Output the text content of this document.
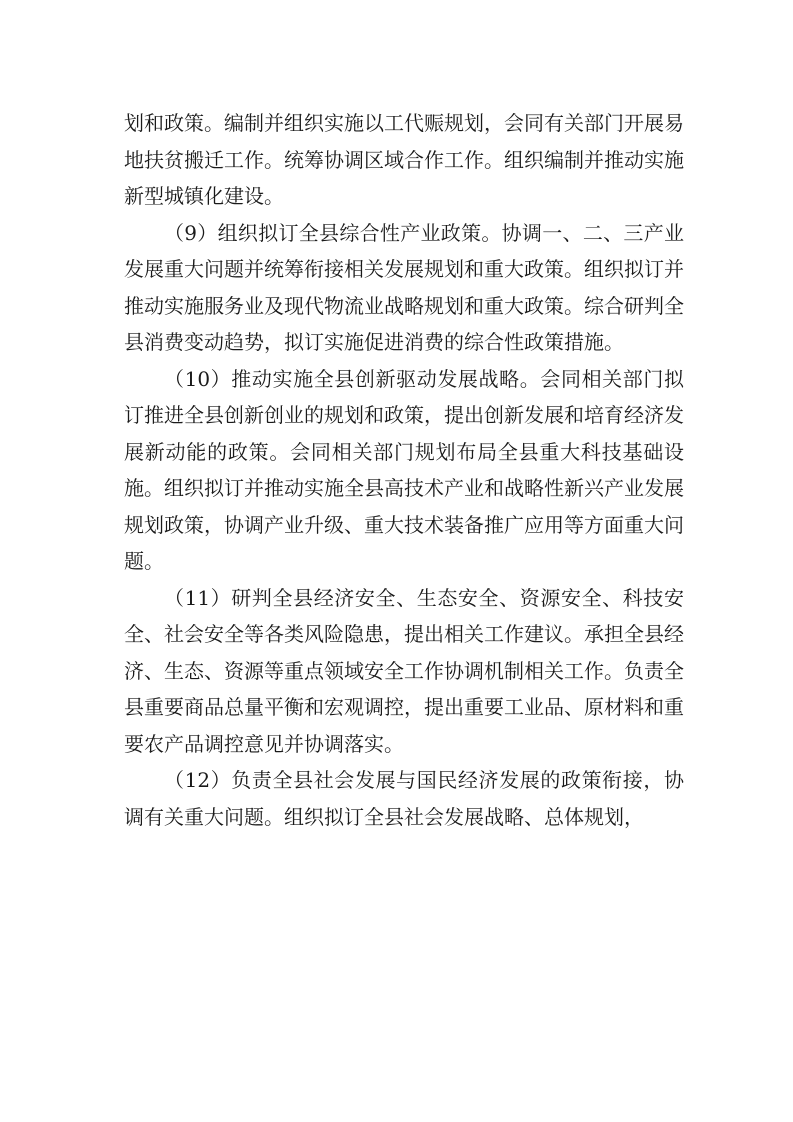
划和政策。编制并组织实施以工代赈规划，会同有关部门开展易地扶贫搬迁工作。统筹协调区域合作工作。组织编制并推动实施新型城镇化建设。

（9）组织拟订全县综合性产业政策。协调一、二、三产业发展重大问题并统筹衔接相关发展规划和重大政策。组织拟订并推动实施服务业及现代物流业战略规划和重大政策。综合研判全县消费变动趋势，拟订实施促进消费的综合性政策措施。

（10）推动实施全县创新驱动发展战略。会同相关部门拟订推进全县创新创业的规划和政策，提出创新发展和培育经济发展新动能的政策。会同相关部门规划布局全县重大科技基础设施。组织拟订并推动实施全县高技术产业和战略性新兴产业发展规划政策，协调产业升级、重大技术装备推广应用等方面重大问题。

（11）研判全县经济安全、生态安全、资源安全、科技安全、社会安全等各类风险隐患，提出相关工作建议。承担全县经济、生态、资源等重点领域安全工作协调机制相关工作。负责全县重要商品总量平衡和宏观调控，提出重要工业品、原材料和重要农产品调控意见并协调落实。

（12）负责全县社会发展与国民经济发展的政策衔接，协调有关重大问题。组织拟订全县社会发展战略、总体规划，
